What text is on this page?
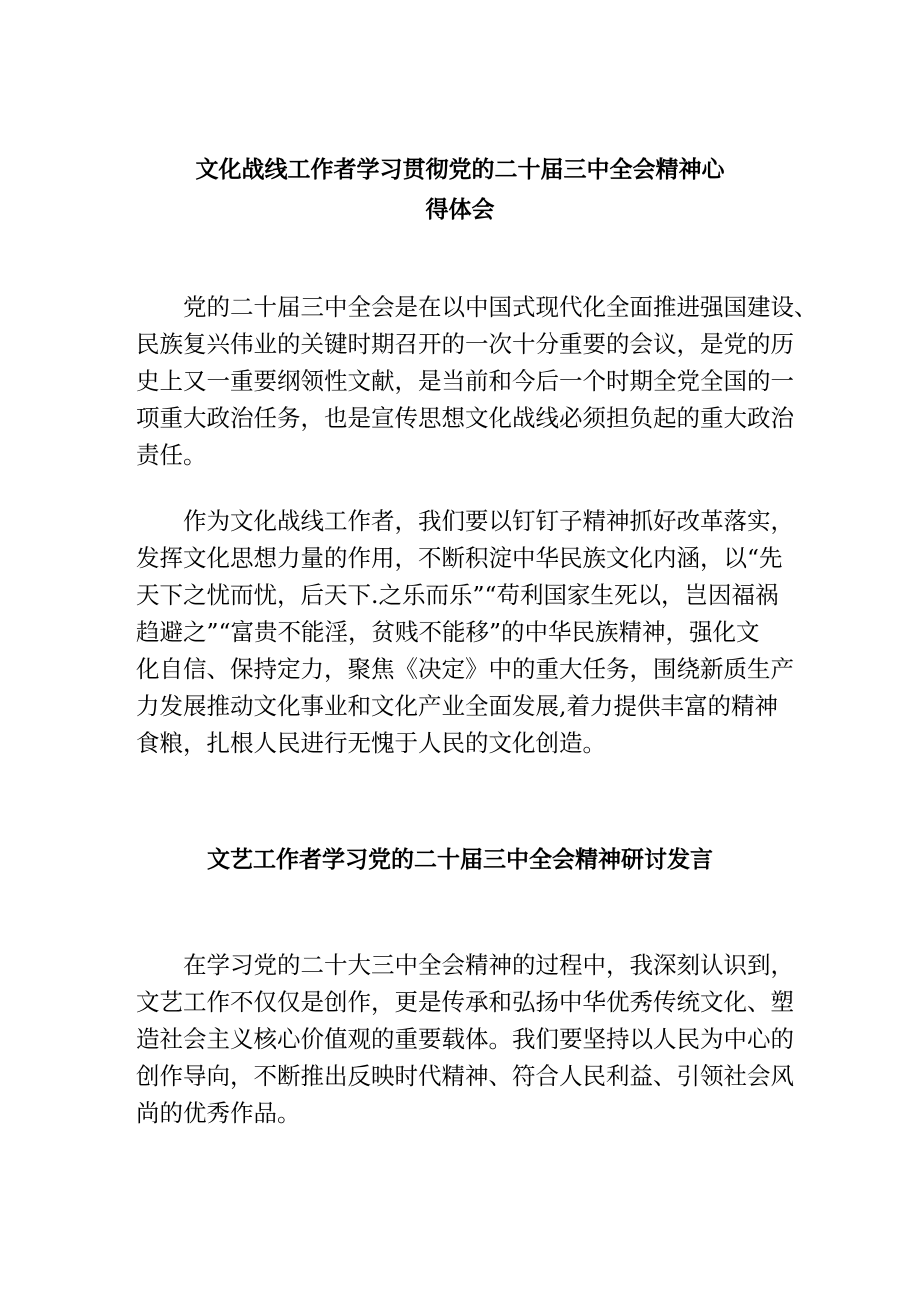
文化战线工作者学习贯彻党的二十届三中全会精神心
得体会
党的二十届三中全会是在以中国式现代化全面推进强国建设、
民族复兴伟业的关键时期召开的一次十分重要的会议，是党的历
史上又一重要纲领性文献，是当前和今后一个时期全党全国的一
项重大政治任务，也是宣传思想文化战线必须担负起的重大政治
责任。
作为文化战线工作者，我们要以钉钉子精神抓好改革落实，
发挥文化思想力量的作用，不断积淀中华民族文化内涵，以“先
天下之忧而忧，后天下.之乐而乐”“苟利国家生死以，岂因福祸
趋避之”“富贵不能淫，贫贱不能移”的中华民族精神，强化文
化自信、保持定力，聚焦《决定》中的重大任务，围绕新质生产
力发展推动文化事业和文化产业全面发展,着力提供丰富的精神
食粮，扎根人民进行无愧于人民的文化创造。
文艺工作者学习党的二十届三中全会精神研讨发言
在学习党的二十大三中全会精神的过程中，我深刻认识到，
文艺工作不仅仅是创作，更是传承和弘扬中华优秀传统文化、塑
造社会主义核心价值观的重要载体。我们要坚持以人民为中心的
创作导向，不断推出反映时代精神、符合人民利益、引领社会风
尚的优秀作品。
